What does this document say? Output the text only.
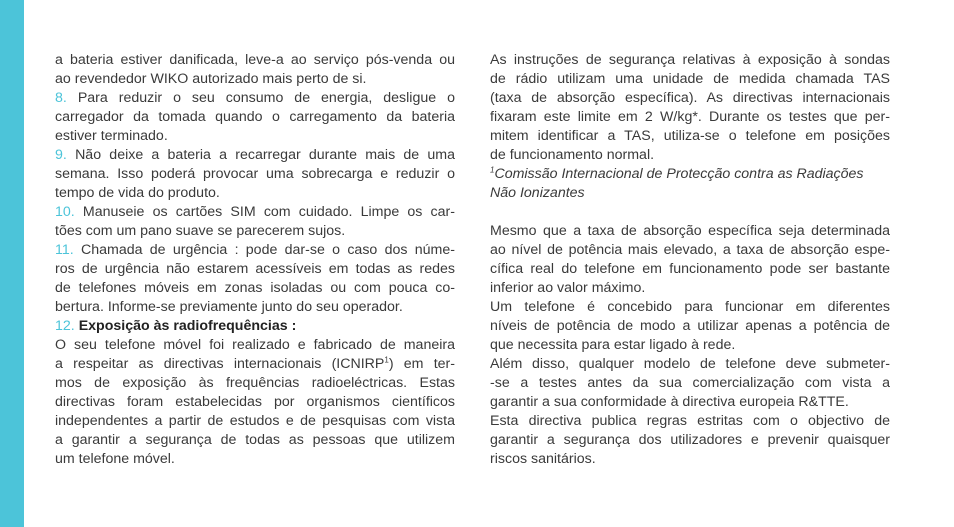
a bateria estiver danificada, leve-a ao serviço pós-venda ou
ao revendedor WIKO autorizado mais perto de si.
8. Para reduzir o seu consumo de energia, desligue o
carregador da tomada quando o carregamento da bateria
estiver terminado.
9. Não deixe a bateria a recarregar durante mais de uma
semana. Isso poderá provocar uma sobrecarga e reduzir o
tempo de vida do produto.
10. Manuseie os cartões SIM com cuidado. Limpe os car-
tões com um pano suave se parecerem sujos.
11. Chamada de urgência : pode dar-se o caso dos núme-
ros de urgência não estarem acessíveis em todas as redes
de telefones móveis em zonas isoladas ou com pouca co-
bertura. Informe-se previamente junto do seu operador.
12. Exposição às radiofrequências :
O seu telefone móvel foi realizado e fabricado de maneira
a respeitar as directivas internacionais (ICNIRP$^1$) em ter-
mos de exposição às frequências radioeléctricas. Estas
directivas foram estabelecidas por organismos científicos
independentes a partir de estudos e de pesquisas com vista
a garantir a segurança de todas as pessoas que utilizem
um telefone móvel.
As instruções de segurança relativas à exposição à sondas
de rádio utilizam uma unidade de medida chamada TAS
(taxa de absorção específica). As directivas internacionais
fixaram este limite em 2 W/kg*. Durante os testes que per-
mitem identificar a TAS, utiliza-se o telefone em posições
de funcionamento normal.
$^1$Comissão Internacional de Protecção contra as Radiações
Não Ionizantes
Mesmo que a taxa de absorção específica seja determinada
ao nível de potência mais elevado, a taxa de absorção espe-
cífica real do telefone em funcionamento pode ser bastante
inferior ao valor máximo.
Um telefone é concebido para funcionar em diferentes
níveis de potência de modo a utilizar apenas a potência de
que necessita para estar ligado à rede.
Além disso, qualquer modelo de telefone deve submeter-
-se a testes antes da sua comercialização com vista a
garantir a sua conformidade à directiva europeia R&TTE.
Esta directiva publica regras estritas com o objectivo de
garantir a segurança dos utilizadores e prevenir quaisquer
riscos sanitários.
